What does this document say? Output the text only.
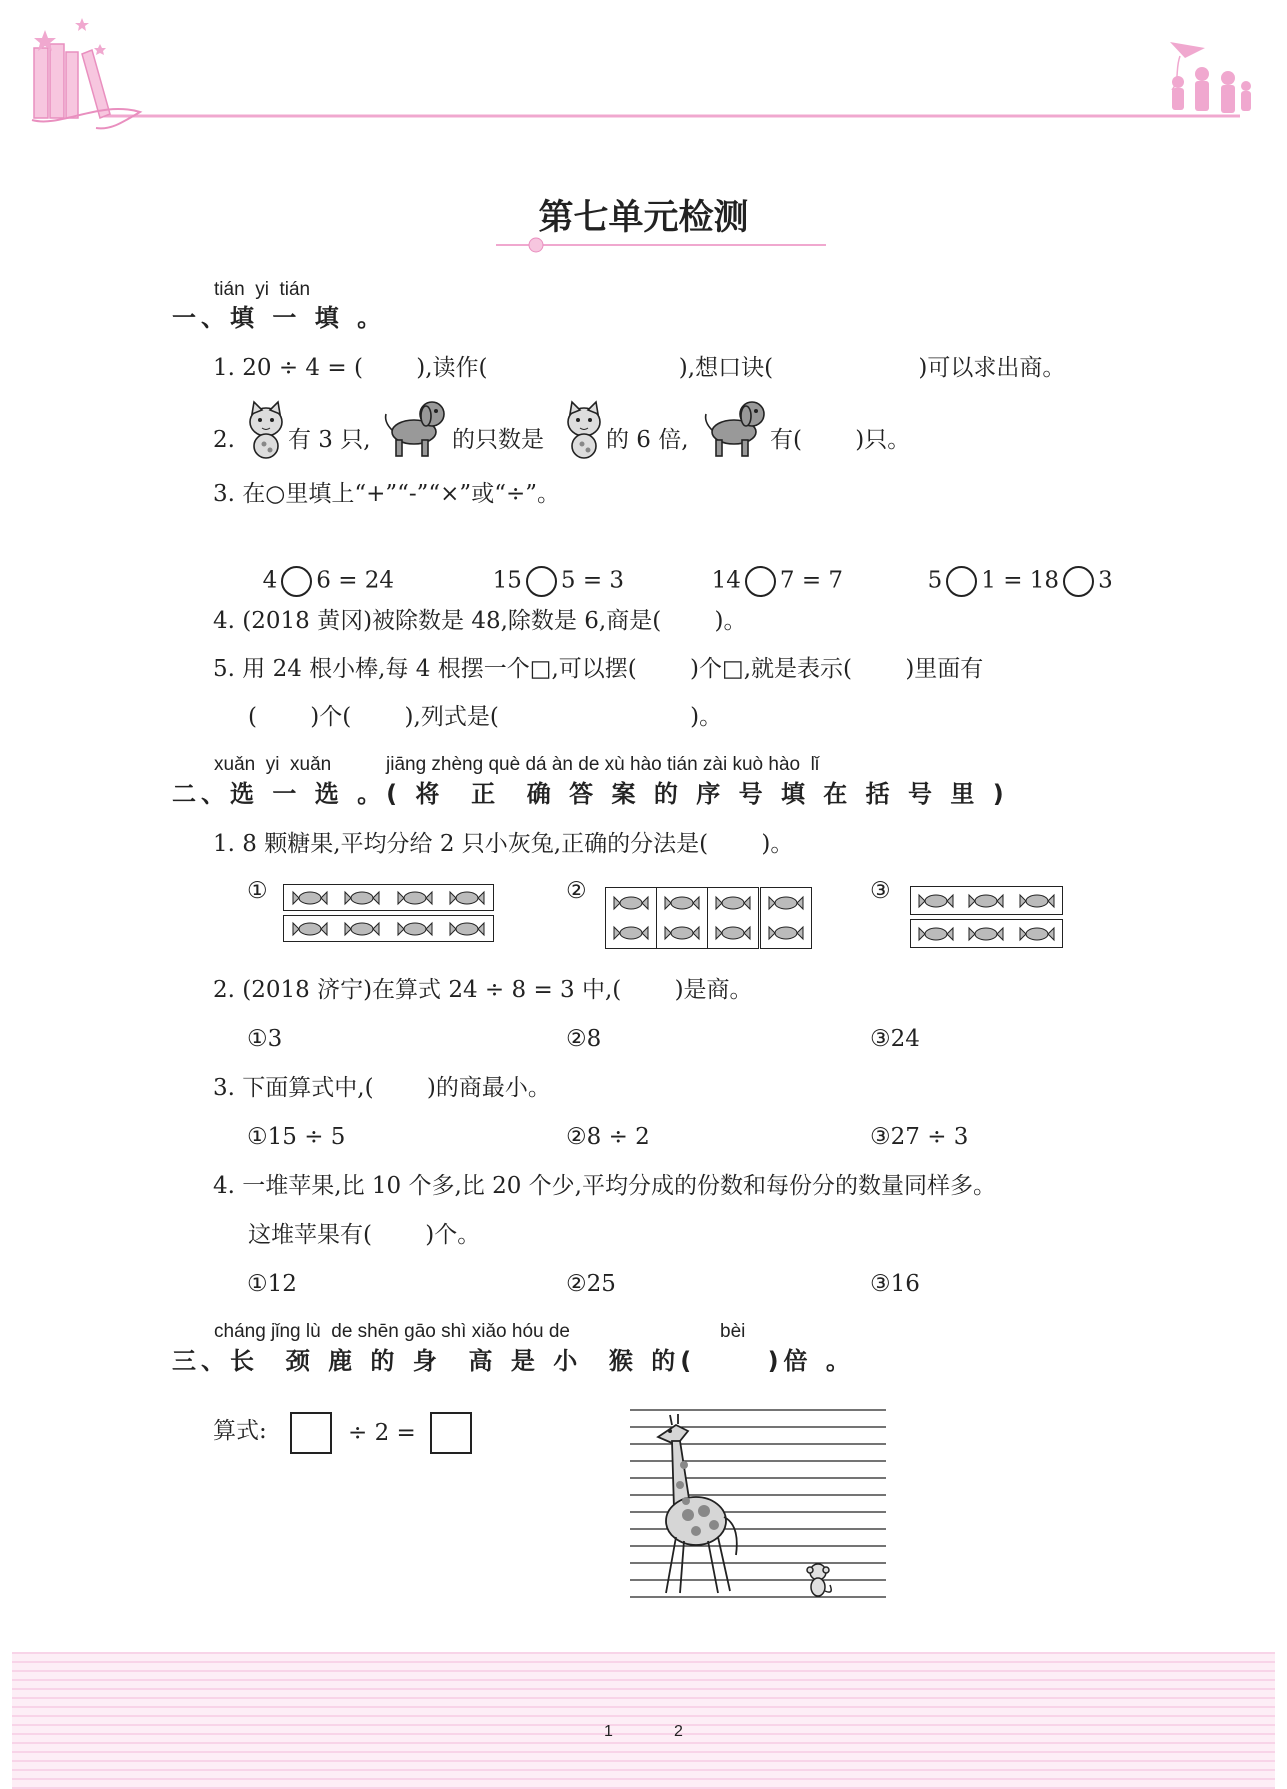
第七单元检测
tián  yi  tián
一、填 一 填 。
1. 20 ÷ 4 = (　　 ),读作(　　　　　　　　 ),想口诀(　　　　　　 )可以求出商。
2. 有 3 只,	的只数是	的 6 倍,	有(　　 )只。
3. 在○里填上“+”“-”“×”或“÷”。

4 6 = 24	15 5 = 3	14 7 = 7	5 1 = 18 3

4. (2018 黄冈)被除数是 48,除数是 6,商是(　　 )。
5. 用 24 根小棒,每 4 根摆一个□,可以摆(　　 )个□,就是表示(　　 )里面有
(　　 )个(　　 ),列式是(　　　　　　　　 )。
xuǎn  yi  xuǎn	jiāng zhèng què dá àn de xù hào tián zài kuò hào  lǐ
二、选 一 选 。( 将  正  确 答 案 的 序 号 填 在 括 号 里 )
1. 8 颗糖果,平均分给 2 只小灰兔,正确的分法是(　　 )。
①	②	③
2. (2018 济宁)在算式 24 ÷ 8 = 3 中,(　　 )是商。
①3	②8	③24
3. 下面算式中,(　　 )的商最小。
①15 ÷ 5	②8 ÷ 2	③27 ÷ 3
4. 一堆苹果,比 10 个多,比 20 个少,平均分成的份数和每份分的数量同样多。
这堆苹果有(　　 )个。
①12	②25	③16
cháng jǐng lù  de shēn gāo shì xiǎo hóu de	bèi
三、长  颈 鹿 的 身  高 是 小  猴 的(　　 )倍 。
算式:	÷ 2 =
1	2
